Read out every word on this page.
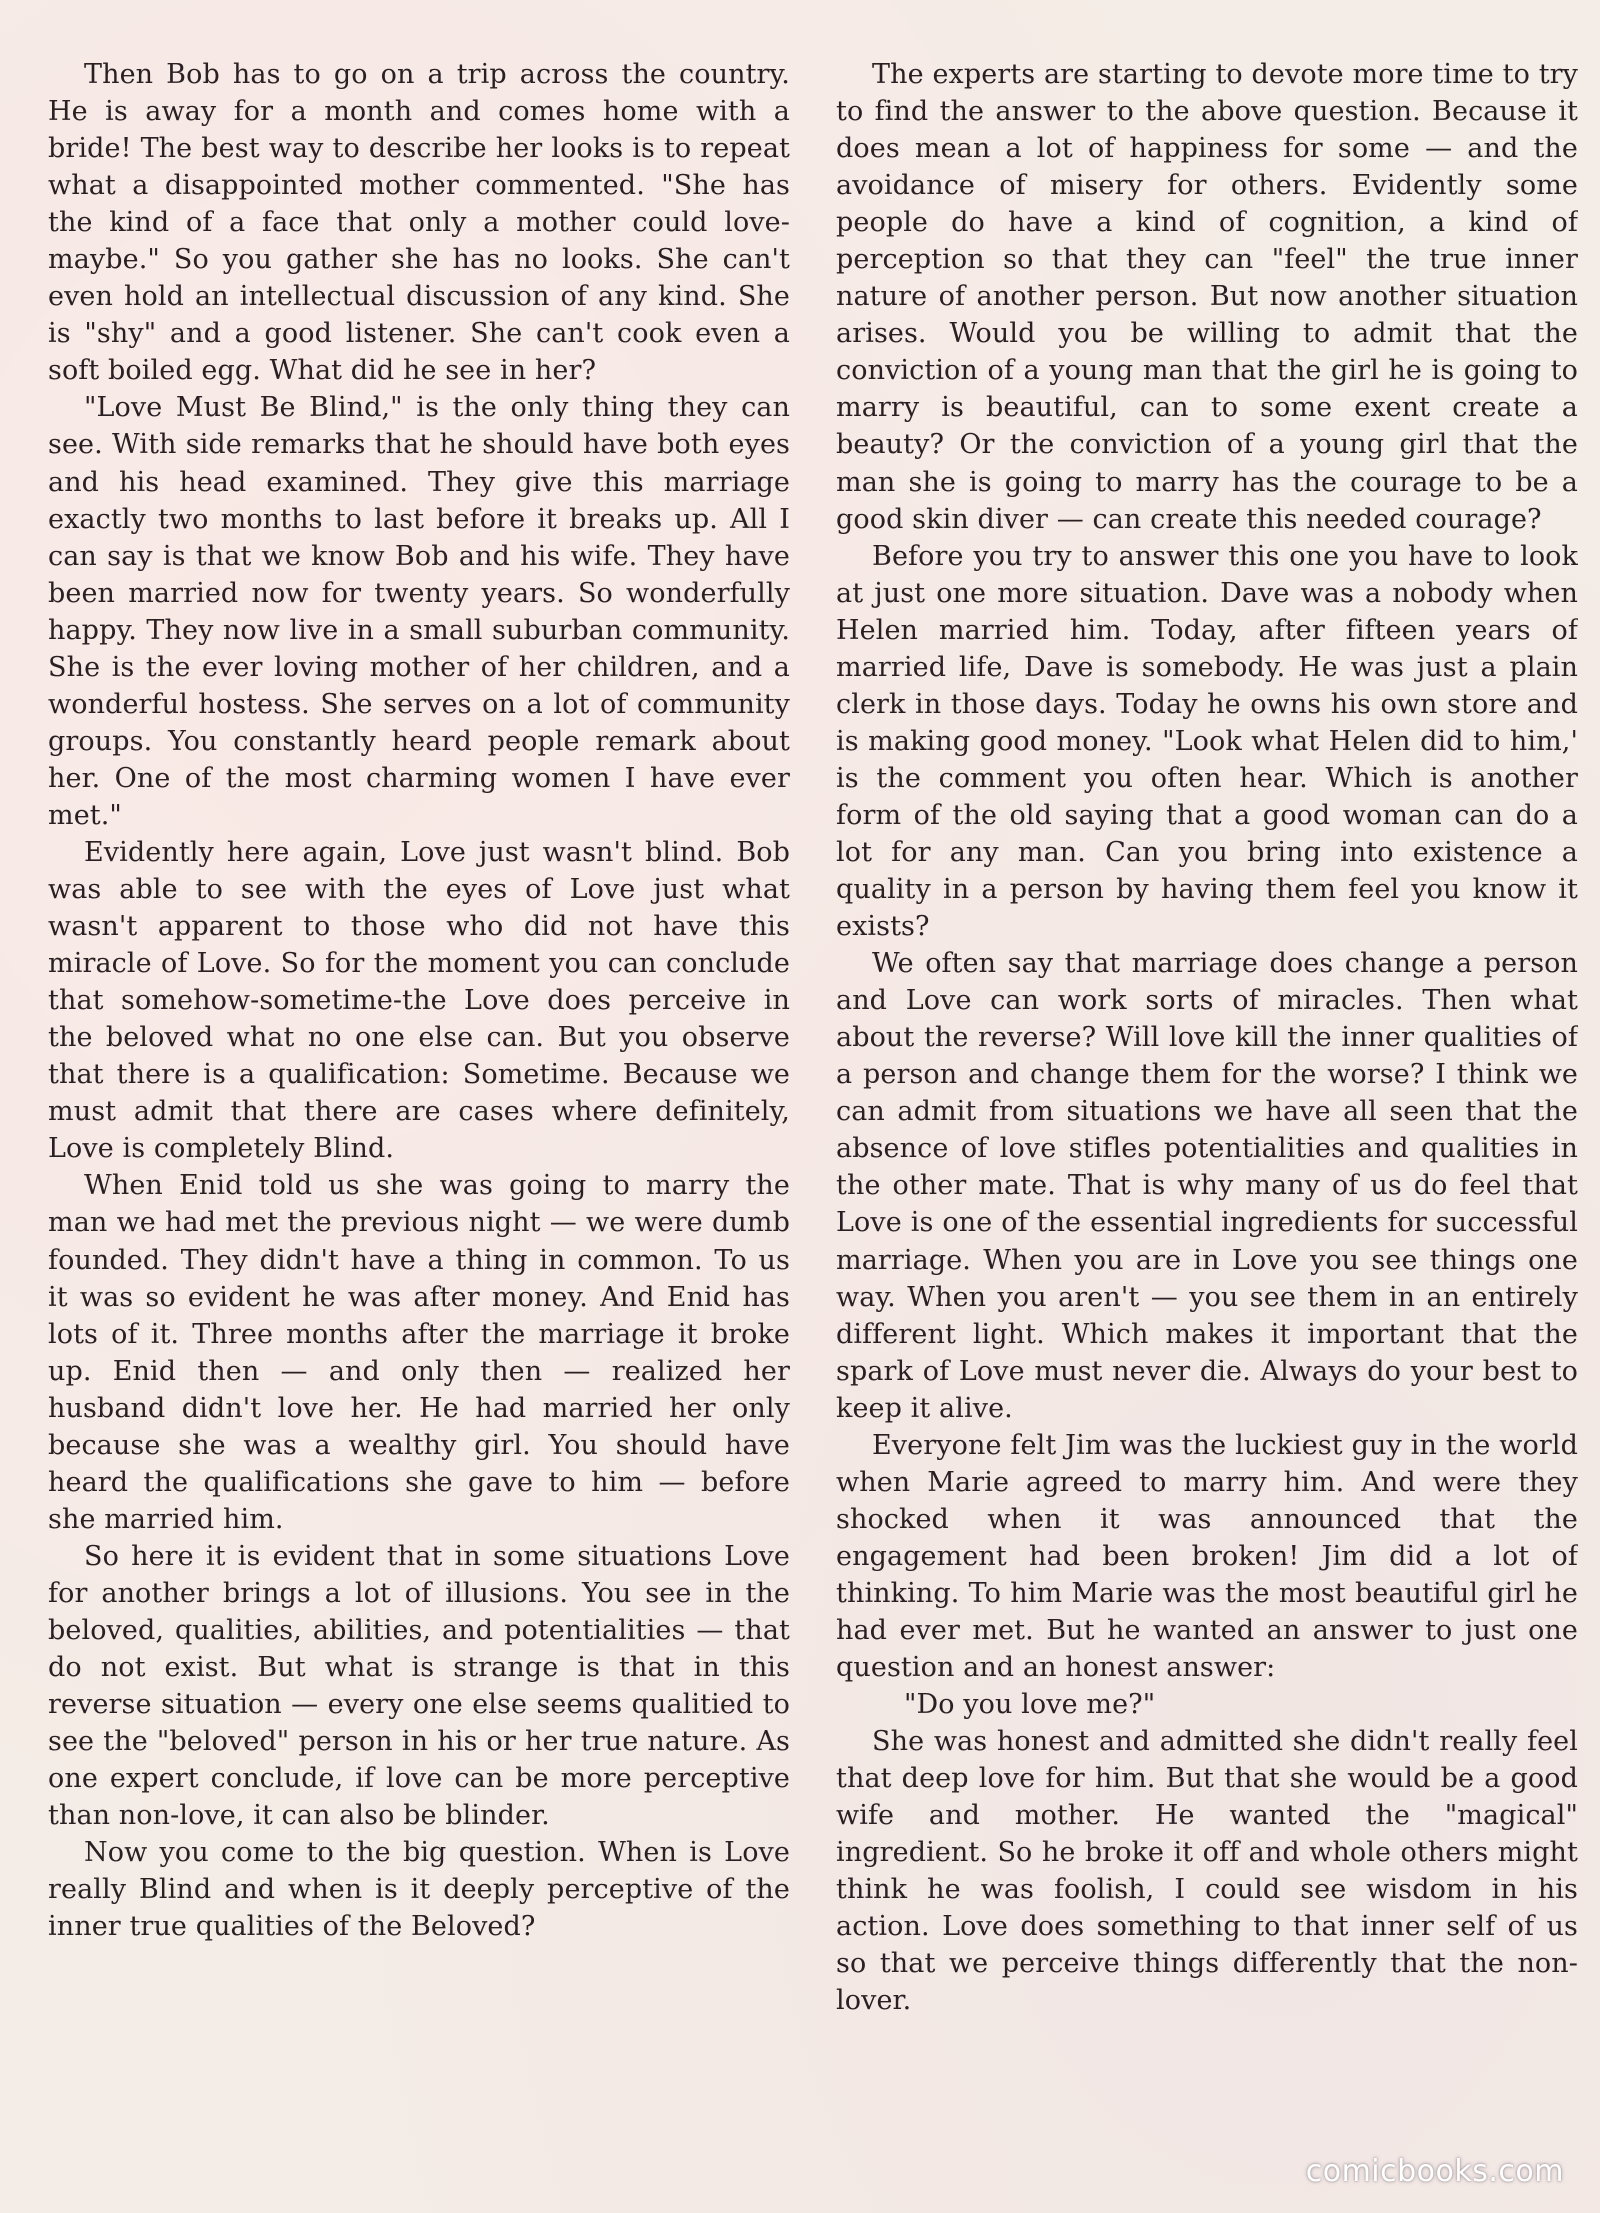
Then Bob has to go on a trip across the country. He is away for a month and comes home with a bride! The best way to describe her looks is to repeat what a disappointed mother commented. "She has the kind of a face that only a mother could love-maybe." So you gather she has no looks. She can't even hold an intellectual discussion of any kind. She is "shy" and a good listener. She can't cook even a soft boiled egg. What did he see in her?

"Love Must Be Blind," is the only thing they can see. With side remarks that he should have both eyes and his head examined. They give this marriage exactly two months to last before it breaks up. All I can say is that we know Bob and his wife. They have been married now for twenty years. So wonderfully happy. They now live in a small suburban community. She is the ever loving mother of her children, and a wonderful hostess. She serves on a lot of community groups. You constantly heard people remark about her. One of the most charming women I have ever met."

Evidently here again, Love just wasn't blind. Bob was able to see with the eyes of Love just what wasn't apparent to those who did not have this miracle of Love. So for the moment you can conclude that somehow-sometime-the Love does perceive in the beloved what no one else can. But you observe that there is a qualification: Sometime. Because we must admit that there are cases where definitely, Love is completely Blind.

When Enid told us she was going to marry the man we had met the previous night — we were dumb founded. They didn't have a thing in common. To us it was so evident he was after money. And Enid has lots of it. Three months after the marriage it broke up. Enid then — and only then — realized her husband didn't love her. He had married her only because she was a wealthy girl. You should have heard the qualifications she gave to him — before she married him.

So here it is evident that in some situations Love for another brings a lot of illusions. You see in the beloved, qualities, abilities, and potentialities — that do not exist. But what is strange is that in this reverse situation — every one else seems qualitied to see the "beloved" person in his or her true nature. As one expert conclude, if love can be more perceptive than non-love, it can also be blinder.

Now you come to the big question. When is Love really Blind and when is it deeply perceptive of the inner true qualities of the Beloved?

The experts are starting to devote more time to try to find the answer to the above question. Because it does mean a lot of happiness for some — and the avoidance of misery for others. Evidently some people do have a kind of cognition, a kind of perception so that they can "feel" the true inner nature of another person. But now another situation arises. Would you be willing to admit that the conviction of a young man that the girl he is going to marry is beautiful, can to some exent create a beauty? Or the conviction of a young girl that the man she is going to marry has the courage to be a good skin diver — can create this needed courage?

Before you try to answer this one you have to look at just one more situation. Dave was a nobody when Helen married him. Today, after fifteen years of married life, Dave is somebody. He was just a plain clerk in those days. Today he owns his own store and is making good money. "Look what Helen did to him,' is the comment you often hear. Which is another form of the old saying that a good woman can do a lot for any man. Can you bring into existence a quality in a person by having them feel you know it exists?

We often say that marriage does change a person and Love can work sorts of miracles. Then what about the reverse? Will love kill the inner qualities of a person and change them for the worse? I think we can admit from situations we have all seen that the absence of love stifles potentialities and qualities in the other mate. That is why many of us do feel that Love is one of the essential ingredients for successful marriage. When you are in Love you see things one way. When you aren't — you see them in an entirely different light. Which makes it important that the spark of Love must never die. Always do your best to keep it alive.

Everyone felt Jim was the luckiest guy in the world when Marie agreed to marry him. And were they shocked when it was announced that the engagement had been broken! Jim did a lot of thinking. To him Marie was the most beautiful girl he had ever met. But he wanted an answer to just one question and an honest answer:

"Do you love me?"

She was honest and admitted she didn't really feel that deep love for him. But that she would be a good wife and mother. He wanted the "magical" ingredient. So he broke it off and whole others might think he was foolish, I could see wisdom in his action. Love does something to that inner self of us so that we perceive things differently that the non-lover.

comicbooks.com
